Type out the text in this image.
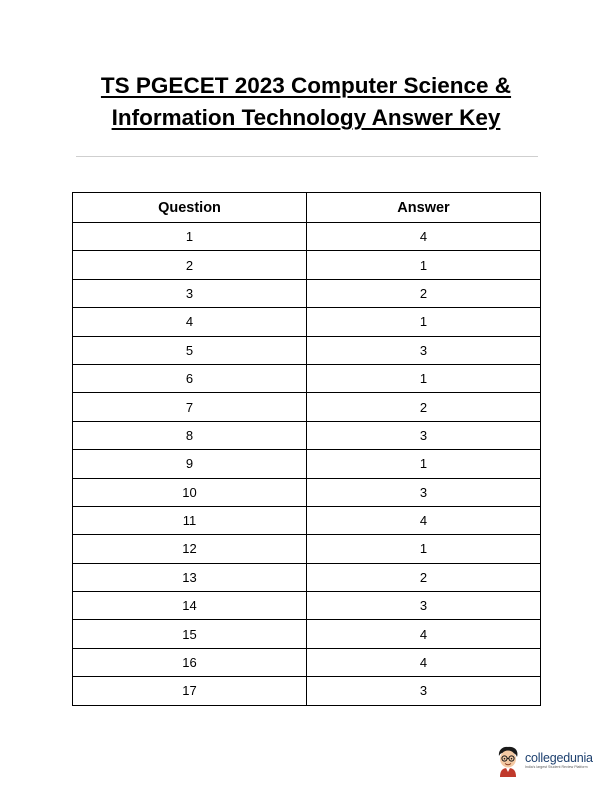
TS PGECET 2023 Computer Science &
Information Technology Answer Key
Question	Answer
1	4
2	1
3	2
4	1
5	3
6	1
7	2
8	3
9	1
10	3
11	4
12	1
13	2
14	3
15	4
16	4
17	3
collegedunia
India's largest Student Review Platform
